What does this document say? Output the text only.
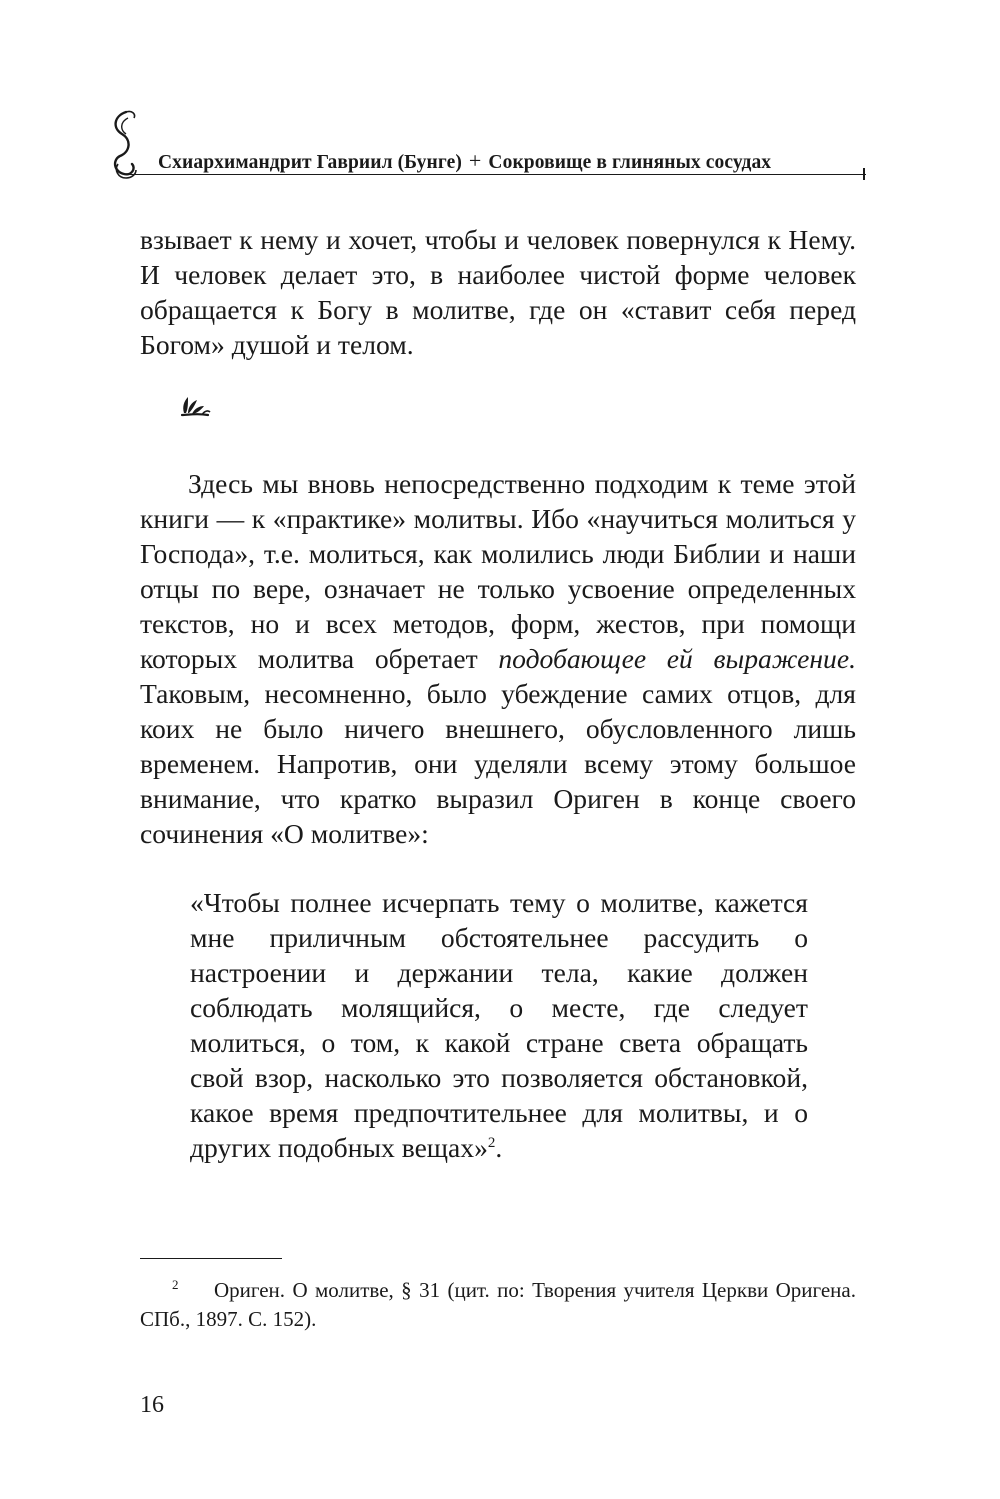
Схиархимандрит Гавриил (Бунге) + Сокровище в глиняных сосудах

взывает к нему и хочет, чтобы и человек повернулся к Нему. И человек делает это, в наиболее чистой форме человек обращается к Богу в молитве, где он «ставит себя перед Богом» душой и телом.

Здесь мы вновь непосредственно подходим к теме этой книги — к «практике» молитвы. Ибо «научиться молиться у Господа», т.е. молиться, как молились люди Библии и наши отцы по вере, означает не только усвоение определенных текстов, но и всех методов, форм, жестов, при помощи которых молитва обретает подобающее ей выражение. Таковым, несомненно, было убеждение самих отцов, для коих не было ничего внешнего, обусловленного лишь временем. Напротив, они уделяли всему этому большое внимание, что кратко выразил Ориген в конце своего сочинения «О молитве»:

«Чтобы полнее исчерпать тему о молитве, кажется мне приличным обстоятельнее рассудить о настроении и держании тела, какие должен соблюдать молящийся, о месте, где следует молиться, о том, к какой стране света обращать свой взор, насколько это позволяется обстановкой, какое время предпочтительнее для молитвы, и о других подобных вещах»$^2$.

2 Ориген. О молитве, § 31 (цит. по: Творения учителя Церкви Оригена. СПб., 1897. С. 152).

16
